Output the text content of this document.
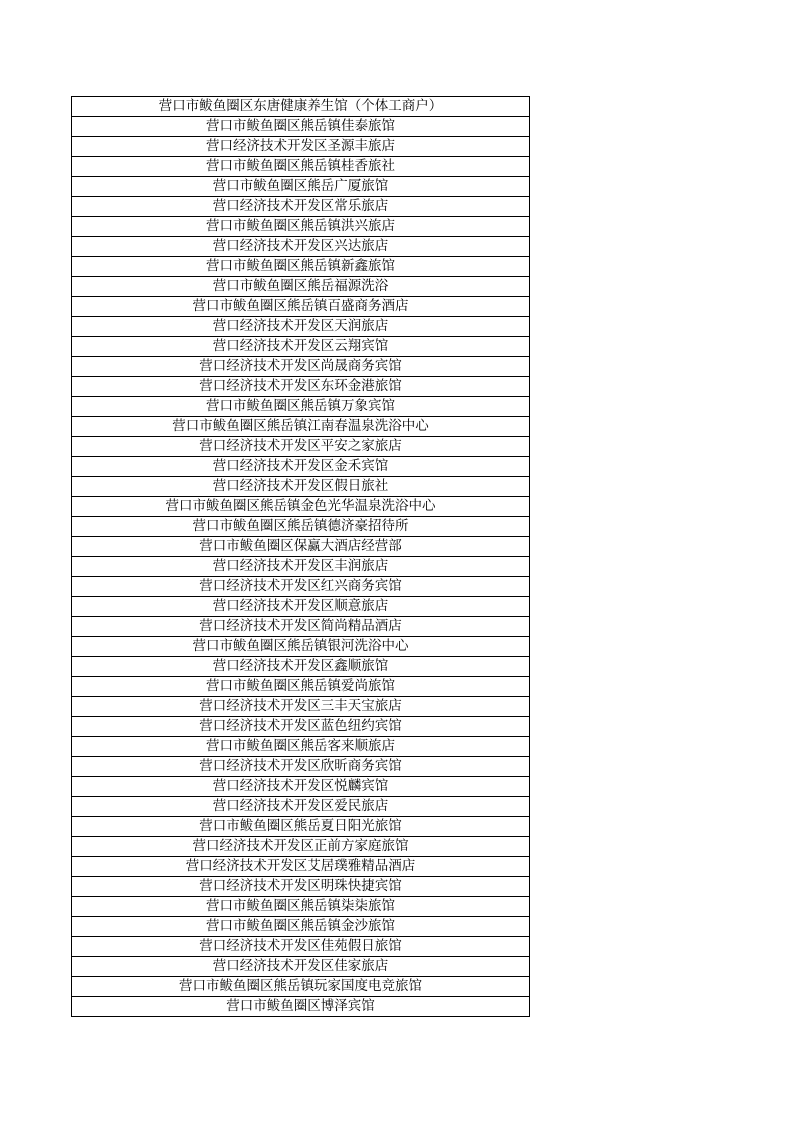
营口市鲅鱼圈区东唐健康养生馆（个体工商户）
营口市鲅鱼圈区熊岳镇佳泰旅馆
营口经济技术开发区圣源丰旅店
营口市鲅鱼圈区熊岳镇桂香旅社
营口市鲅鱼圈区熊岳广厦旅馆
营口经济技术开发区常乐旅店
营口市鲅鱼圈区熊岳镇洪兴旅店
营口经济技术开发区兴达旅店
营口市鲅鱼圈区熊岳镇新鑫旅馆
营口市鲅鱼圈区熊岳福源洗浴
营口市鲅鱼圈区熊岳镇百盛商务酒店
营口经济技术开发区天润旅店
营口经济技术开发区云翔宾馆
营口经济技术开发区尚晟商务宾馆
营口经济技术开发区东环金港旅馆
营口市鲅鱼圈区熊岳镇万象宾馆
营口市鲅鱼圈区熊岳镇江南春温泉洗浴中心
营口经济技术开发区平安之家旅店
营口经济技术开发区金禾宾馆
营口经济技术开发区假日旅社
营口市鲅鱼圈区熊岳镇金色光华温泉洗浴中心
营口市鲅鱼圈区熊岳镇德济豪招待所
营口市鲅鱼圈区保赢大酒店经营部
营口经济技术开发区丰润旅店
营口经济技术开发区红兴商务宾馆
营口经济技术开发区顺意旅店
营口经济技术开发区简尚精品酒店
营口市鲅鱼圈区熊岳镇银河洗浴中心
营口经济技术开发区鑫顺旅馆
营口市鲅鱼圈区熊岳镇爱尚旅馆
营口经济技术开发区三丰天宝旅店
营口经济技术开发区蓝色纽约宾馆
营口市鲅鱼圈区熊岳客来顺旅店
营口经济技术开发区欣昕商务宾馆
营口经济技术开发区悦麟宾馆
营口经济技术开发区爱民旅店
营口市鲅鱼圈区熊岳夏日阳光旅馆
营口经济技术开发区正前方家庭旅馆
营口经济技术开发区艾居璞雅精品酒店
营口经济技术开发区明珠快捷宾馆
营口市鲅鱼圈区熊岳镇柒柒旅馆
营口市鲅鱼圈区熊岳镇金沙旅馆
营口经济技术开发区佳苑假日旅馆
营口经济技术开发区佳家旅店
营口市鲅鱼圈区熊岳镇玩家国度电竞旅馆
营口市鲅鱼圈区博泽宾馆
